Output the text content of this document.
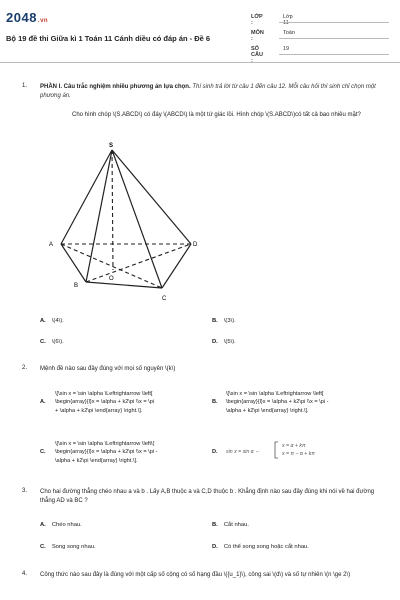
2048.vn
Bộ 19 đề thi Giữa kì 1 Toán 11 Cánh diều có đáp án - Đề 6
LỚP :
Lớp 11
MÔN :
Toán
SỐ CÂU :
19
1. PHẦN I. Câu trắc nghiệm nhiều phương án lựa chọn. Thí sinh trả lời từ câu 1 đến câu 12. Mỗi câu hỏi thí sinh chỉ chọn một phương án.
Cho hình chóp \(S.ABCD\) có đáy \(ABCD\) là một tứ giác lồi. Hình chóp \(S.ABCD\)có tất cả bao nhiêu mặt?
S
A
B
C
D
O
A. \(4\).	B. \(3\).
C. \(6\).	D. \(5\).
2. Mệnh đề nào sau đây đúng với mọi số nguyên \(k\)
A.
\[\sin x = \sin \alpha \Leftrightarrow \left[
\begin{array}{l}x = \alpha + k2\pi \\x = \pi
+ \alpha + k2\pi \end{array} \right.\].
B.
\[\sin x = \sin \alpha \Leftrightarrow \left[
\begin{array}{l}x = \alpha + k2\pi \\x = \pi -
\alpha + k2\pi \end{array} \right.\].
C.
\[\sin x = \sin \alpha \Leftrightarrow \left\{
\begin{array}{l}x = \alpha + k2\pi \\x = \pi -
\alpha + k2\pi \end{array} \right.\].
D. sin x = sin α ⇔
x = α + kπ
x = π − α + kπ
3. Cho hai đường thẳng chéo nhau a và b . Lấy A,B thuộc a và C,D thuộc b . Khẳng định nào sau đây đúng khi nói về hai đường thẳng AD và BC ?
A. Chéo nhau.	B. Cắt nhau.
C. Song song nhau.	D. Có thể song song hoặc cắt nhau.
4. Công thức nào sau đây là đúng với một cấp số cộng có số hạng đầu \({u_1}\), công sai \(d\) và số tự nhiên \(n \ge 2\)
